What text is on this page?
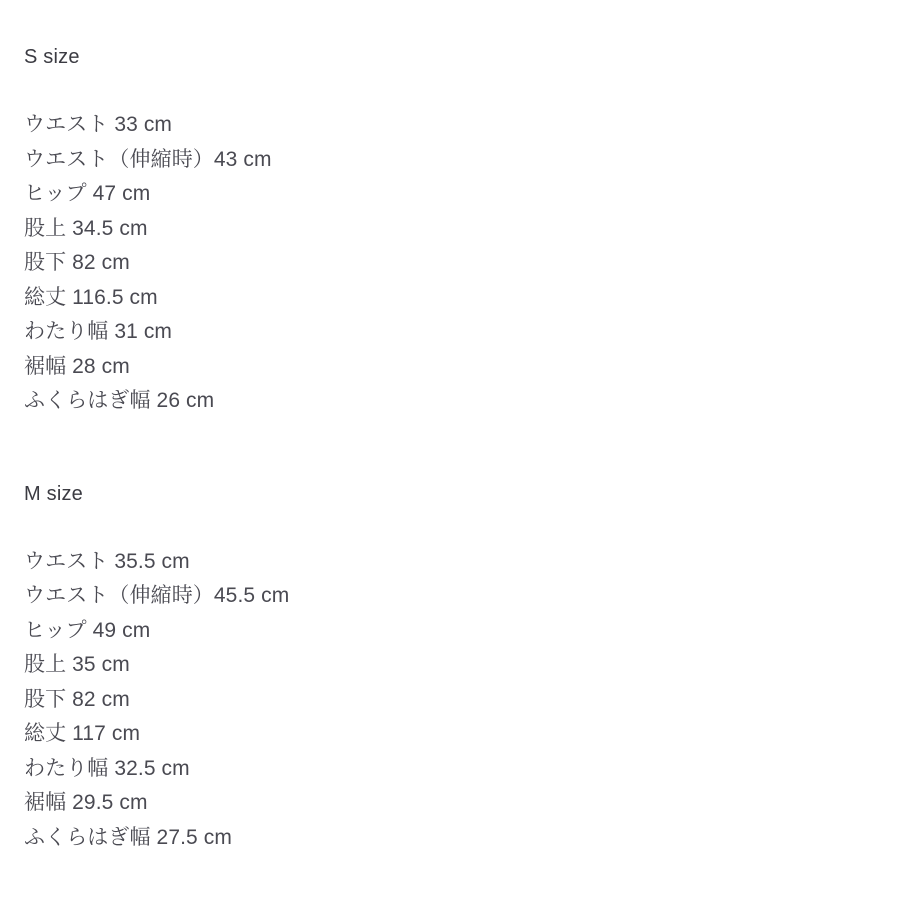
S size
ウエスト 33 cm
ウエスト（伸縮時）43 cm
ヒップ 47 cm
股上 34.5 cm
股下 82 cm
総丈 116.5 cm
わたり幅 31 cm
裾幅 28 cm
ふくらはぎ幅 26 cm
M size
ウエスト 35.5 cm
ウエスト（伸縮時）45.5 cm
ヒップ 49 cm
股上 35 cm
股下 82 cm
総丈 117 cm
わたり幅 32.5 cm
裾幅 29.5 cm
ふくらはぎ幅 27.5 cm
